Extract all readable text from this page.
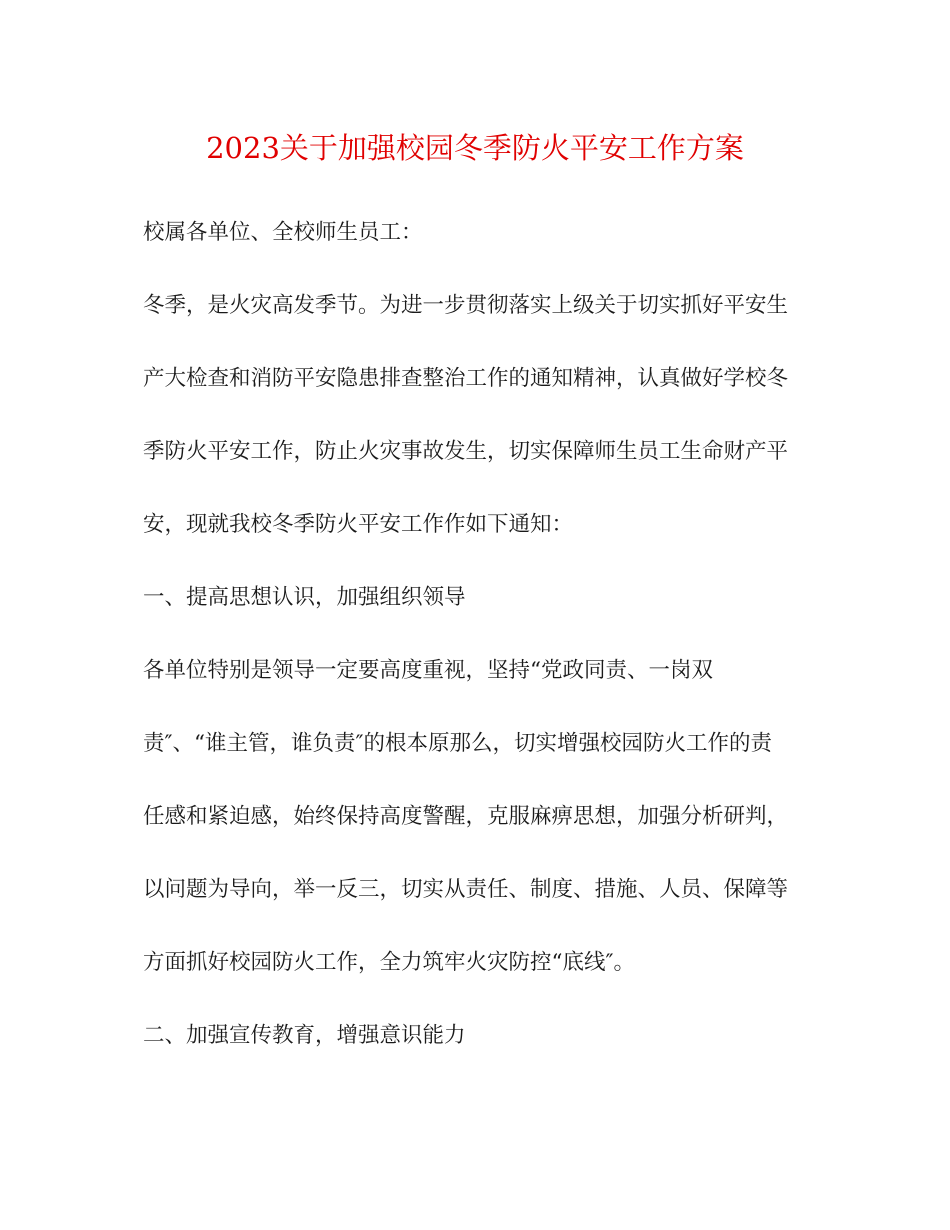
2023关于加强校园冬季防火平安工作方案
校属各单位、全校师生员工：
冬季，是火灾高发季节。为进一步贯彻落实上级关于切实抓好平安生
产大检查和消防平安隐患排查整治工作的通知精神，认真做好学校冬
季防火平安工作，防止火灾事故发生，切实保障师生员工生命财产平
安，现就我校冬季防火平安工作作如下通知：
一、提高思想认识，加强组织领导
各单位特别是领导一定要高度重视，坚持“党政同责、一岗双
责″、“谁主管，谁负责″的根本原那么，切实增强校园防火工作的责
任感和紧迫感，始终保持高度警醒，克服麻痹思想，加强分析研判，
以问题为导向，举一反三，切实从责任、制度、措施、人员、保障等
方面抓好校园防火工作，全力筑牢火灾防控“底线″。
二、加强宣传教育，增强意识能力
